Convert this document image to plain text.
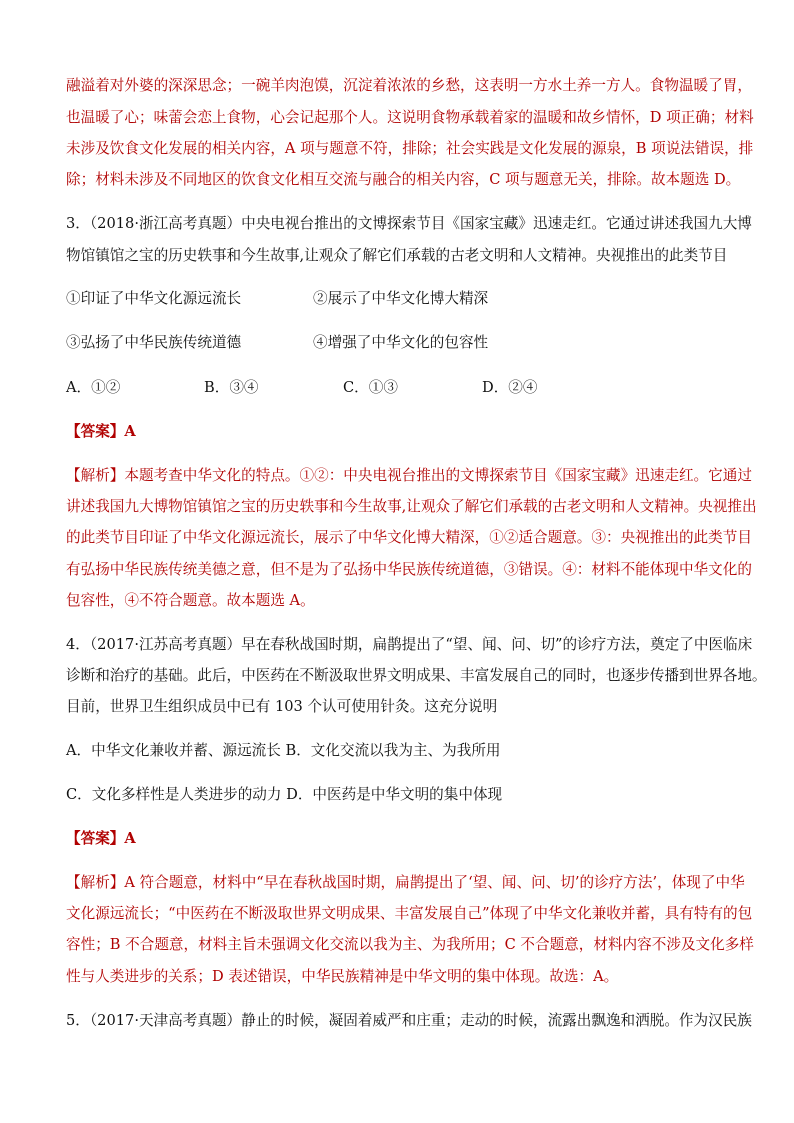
融溢着对外婆的深深思念；一碗羊肉泡馍，沉淀着浓浓的乡愁，这表明一方水土养一方人。食物温暖了胃，
也温暖了心；味蕾会恋上食物，心会记起那个人。这说明食物承载着家的温暖和故乡情怀，D 项正确；材料
未涉及饮食文化发展的相关内容，A 项与题意不符，排除；社会实践是文化发展的源泉，B 项说法错误，排
除；材料未涉及不同地区的饮食文化相互交流与融合的相关内容，C 项与题意无关，排除。故本题选 D。
3．（2018·浙江高考真题）中央电视台推出的文博探索节目《国家宝藏》迅速走红。它通过讲述我国九大博
物馆镇馆之宝的历史轶事和今生故事,让观众了解它们承载的古老文明和人文精神。央视推出的此类节目
①印证了中华文化源远流长	②展示了中华文化博大精深
③弘扬了中华民族传统道德	④增强了中华文化的包容性
A．①②	B．③④	C．①③	D．②④
【答案】A
【解析】本题考查中华文化的特点。①②：中央电视台推出的文博探索节目《国家宝藏》迅速走红。它通过
讲述我国九大博物馆镇馆之宝的历史轶事和今生故事,让观众了解它们承载的古老文明和人文精神。央视推出
的此类节目印证了中华文化源远流长，展示了中华文化博大精深，①②适合题意。③：央视推出的此类节目
有弘扬中华民族传统美德之意，但不是为了弘扬中华民族传统道德，③错误。④：材料不能体现中华文化的
包容性，④不符合题意。故本题选 A。
4．（2017·江苏高考真题）早在春秋战国时期，扁鹊提出了“望、闻、问、切”的诊疗方法，奠定了中医临床
诊断和治疗的基础。此后，中医药在不断汲取世界文明成果、丰富发展自己的同时，也逐步传播到世界各地。
目前，世界卫生组织成员中已有 103 个认可使用针灸。这充分说明
A．中华文化兼收并蓄、源远流长 B．文化交流以我为主、为我所用
C．文化多样性是人类进步的动力 D．中医药是中华文明的集中体现
【答案】A
【解析】A 符合题意，材料中“早在春秋战国时期，扁鹊提出了‘望、闻、问、切’的诊疗方法’，体现了中华
文化源远流长；“中医药在不断汲取世界文明成果、丰富发展自己”体现了中华文化兼收并蓄，具有特有的包
容性；B 不合题意，材料主旨未强调文化交流以我为主、为我所用；C 不合题意，材料内容不涉及文化多样
性与人类进步的关系；D 表述错误，中华民族精神是中华文明的集中体现。故选：A。
5．（2017·天津高考真题）静止的时候，凝固着威严和庄重；走动的时候，流露出飘逸和洒脱。作为汉民族
